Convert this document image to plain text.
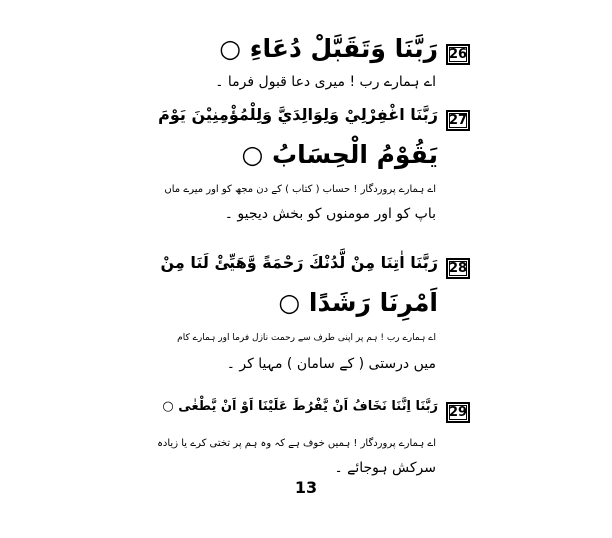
26
رَبَّنَا وَتَقَبَّلْ دُعَاءِ ○
اے ہمارے رب ! میری دعا قبول فرما ۔
27
رَبَّنَا اغْفِرْلِيْ وَلِوَالِدَيَّ وَلِلْمُؤْمِنِيْنَ يَوْمَ
يَقُوْمُ الْحِسَابُ ○
اے ہمارے پروردگار ! حساب ( کتاب ) کے دن مجھ کو اور میرے ماں
باپ کو اور مومنوں کو بخش دیجیو ۔
28
رَبَّنَا اٰتِنَا مِنْ لَّدُنْكَ رَحْمَةً وَّهَيِّئْ لَنَا مِنْ
اَمْرِنَا رَشَدًا ○
اے ہمارے رب ! ہم پر اپنی طرف سے رحمت نازل فرما اور ہمارے کام
میں درستی ( کے سامان ) مہیا کر ۔
29
رَبَّنَا اِنَّنَا نَخَافُ اَنْ يَّفْرُطَ عَلَيْنَا اَوْ اَنْ يَّطْغٰى ○
اے ہمارے پروردگار ! ہمیں خوف ہے کہ وہ ہم پر تختی کرے یا زیادہ
سرکش ہوجائے ۔
13
